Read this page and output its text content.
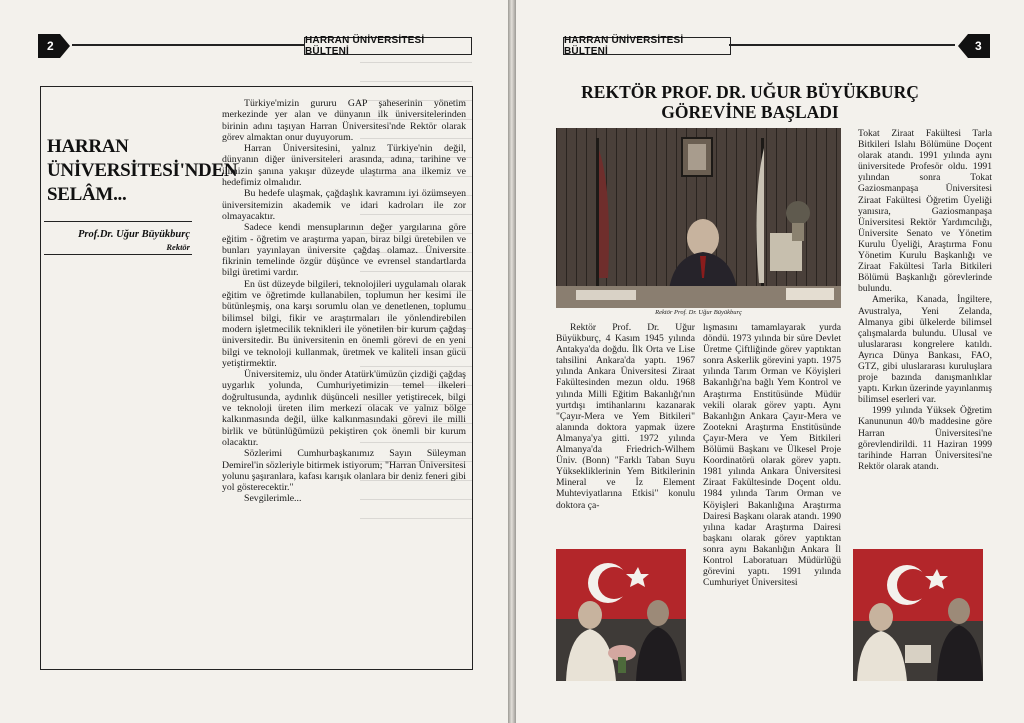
2	HARRAN ÜNİVERSİTESİ BÜLTENİ
HARRAN ÜNİVERSİTESİ'NDEN SELÂM...
Prof.Dr. Uğur Büyükburç
Rektör

Türkiye'mizin gururu GAP şaheserinin yönetim merkezinde yer alan ve dünyanın ilk üniversitelerinden birinin adını taşıyan Harran Üniversitesi'nde Rektör olarak görev almaktan onur duyuyorum.

Harran Üniversitesini, yalnız Türkiye'nin değil, dünyanın diğer üniversiteleri arasında, adına, tarihine ve ilimizin şanına yakışır düzeyde ulaştırma ana ilkemiz ve hedefimiz olmalıdır.

Bu hedefe ulaşmak, çağdaşlık kavramını iyi özümseyen üniversitemizin akademik ve idari kadroları ile zor olmayacaktır.

Sadece kendi mensuplarının değer yargılarına göre eğitim - öğretim ve araştırma yapan, biraz bilgi üretebilen ve bunları yayınlayan üniversite çağdaş olamaz. Üniversite fikrinin temelinde özgür düşünce ve evrensel standartlarda bilgi üretimi vardır.

En üst düzeyde bilgileri, teknolojileri uygulamalı olarak eğitim ve öğretimde kullanabilen, toplumun her kesimi ile bütünleşmiş, ona karşı sorumlu olan ve denetlenen, toplumu bilimsel bilgi, fikir ve araştırmaları ile yönlendirebilen modern işletmecilik teknikleri ile yönetilen bir kurum çağdaş üniversitedir. Bu üniversitenin en önemli görevi de en yeni bilgi ve teknoloji kullanmak, üretmek ve kaliteli insan gücü yetiştirmektir.

Üniversitemiz, ulu önder Atatürk'ümüzün çizdiği çağdaş uygarlık yolunda, Cumhuriyetimizin temel ilkeleri doğrultusunda, aydınlık düşünceli nesiller yetiştirecek, bilgi ve teknoloji üreten ilim merkezi olacak ve yalnız bölge kalkınmasında değil, ülke kalkınmasındaki görevi ile milli birlik ve bütünlüğümüzü pekiştiren çok önemli bir kurum olacaktır.

Sözlerimi Cumhurbaşkanımız Sayın Süleyman Demirel'in sözleriyle bitirmek istiyorum; "Harran Üniversitesi yolunu şaşıranlara, kafası karışık olanlara bir deniz feneri gibi yol gösterecektir."

Sevgilerimle...

HARRAN ÜNİVERSİTESİ BÜLTENİ	3
REKTÖR PROF. DR. UĞUR BÜYÜKBURÇ GÖREVİNE BAŞLADI
Rektör Prof. Dr. Uğur Büyükburç

Rektör Prof. Dr. Uğur Büyükburç, 4 Kasım 1945 yılında Antakya'da doğdu. İlk Orta ve Lise tahsilini Ankara'da yaptı. 1967 yılında Ankara Üniversitesi Ziraat Fakültesinden mezun oldu. 1968 yılında Milli Eğitim Bakanlığı'nın yurtdışı imtihanlarını kazanarak "Çayır-Mera ve Yem Bitkileri" alanında doktora yapmak üzere Almanya'ya gitti. 1972 yılında Almanya'da Friedrich-Wilhem Üniv. (Bonn) "Farklı Taban Suyu Yüksekliklerinin Yem Bitkilerinin Mineral ve İz Element Muhteviyatlarına Etkisi" konulu doktora ça-

lışmasını tamamlayarak yurda döndü. 1973 yılında bir süre Devlet Üretme Çiftliğinde görev yaptıktan sonra Askerlik görevini yaptı. 1975 yılında Tarım Orman ve Köyişleri Bakanlığı'na bağlı Yem Kontrol ve Araştırma Enstitüsünde Müdür vekili olarak görev yaptı. Aynı Bakanlığın Ankara Çayır-Mera ve Zootekni Araştırma Enstitüsünde Çayır-Mera ve Yem Bitkileri Bölümü Başkanı ve Ülkesel Proje Koordinatörü olarak görev yaptı. 1981 yılında Ankara Üniversitesi Ziraat Fakültesinde Doçent oldu. 1984 yılında Tarım Orman ve Köyişleri Bakanlığına Araştırma Dairesi Başkanı olarak atandı. 1990 yılına kadar Araştırma Dairesi başkanı olarak görev yaptıktan sonra aynı Bakanlığın Ankara İl Kontrol Laboratuarı Müdürlüğü görevini yaptı. 1991 yılında Cumhuriyet Üniversitesi

Tokat Ziraat Fakültesi Tarla Bitkileri Islahı Bölümüne Doçent olarak atandı. 1991 yılında aynı üniversitede Profesör oldu. 1991 yılından sonra Tokat Gaziosmanpaşa Üniversitesi Ziraat Fakültesi Öğretim Üyeliği yanısıra, Gaziosmanpaşa Üniversitesi Rektör Yardımcılığı, Üniversite Senato ve Yönetim Kurulu Üyeliği, Araştırma Fonu Yönetim Kurulu Başkanlığı ve Ziraat Fakültesi Tarla Bitkileri Bölümü Başkanlığı görevlerinde bulundu.

Amerika, Kanada, İngiltere, Avustralya, Yeni Zelanda, Almanya gibi ülkelerde bilimsel çalışmalarda bulundu. Ulusal ve uluslararası kongrelere katıldı. Ayrıca Dünya Bankası, FAO, GTZ, gibi uluslararası kuruluşlara proje bazında danışmanlıklar yaptı. Kırkın üzerinde yayınlanmış bilimsel eserleri var.

1999 yılında Yüksek Öğretim Kanununun 40/b maddesine göre Harran Üniversitesi'ne görevlendirildi. 11 Haziran 1999 tarihinde Harran Üniversitesi'ne Rektör olarak atandı.
